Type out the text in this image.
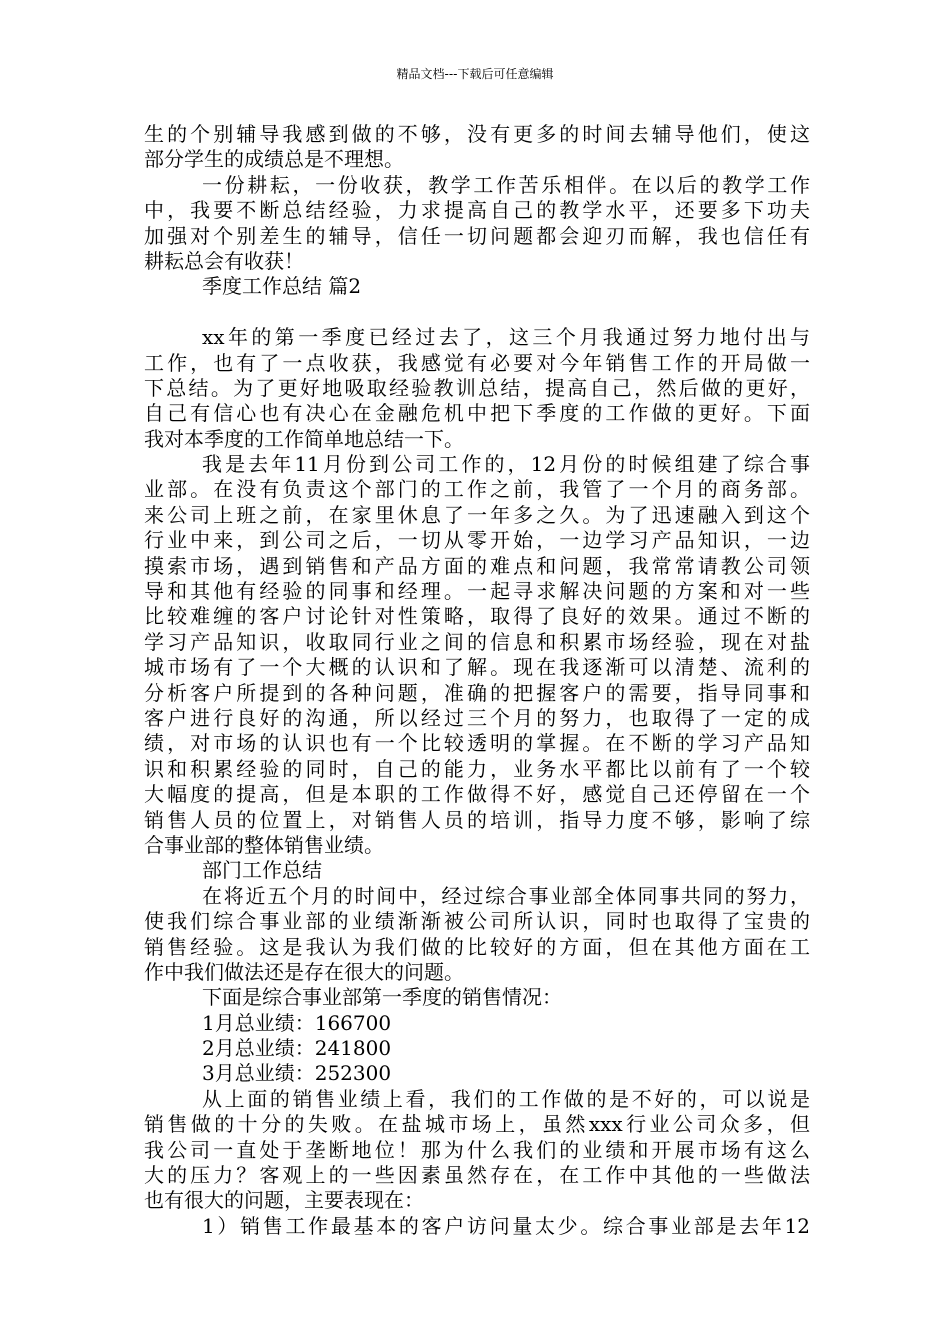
精品文档---下载后可任意编辑
生的个别辅导我感到做的不够，没有更多的时间去辅导他们，使这
部分学生的成绩总是不理想。
一份耕耘，一份收获，教学工作苦乐相伴。在以后的教学工作
中，我要不断总结经验，力求提高自己的教学水平，还要多下功夫
加强对个别差生的辅导，信任一切问题都会迎刃而解，我也信任有
耕耘总会有收获！
季度工作总结 篇2
xx年的第一季度已经过去了，这三个月我通过努力地付出与
工作，也有了一点收获，我感觉有必要对今年销售工作的开局做一
下总结。为了更好地吸取经验教训总结，提高自己，然后做的更好，
自己有信心也有决心在金融危机中把下季度的工作做的更好。下面
我对本季度的工作简单地总结一下。
我是去年11月份到公司工作的，12月份的时候组建了综合事
业部。在没有负责这个部门的工作之前，我管了一个月的商务部。
来公司上班之前，在家里休息了一年多之久。为了迅速融入到这个
行业中来，到公司之后，一切从零开始，一边学习产品知识，一边
摸索市场，遇到销售和产品方面的难点和问题，我常常请教公司领
导和其他有经验的同事和经理。一起寻求解决问题的方案和对一些
比较难缠的客户讨论针对性策略，取得了良好的效果。通过不断的
学习产品知识，收取同行业之间的信息和积累市场经验，现在对盐
城市场有了一个大概的认识和了解。现在我逐渐可以清楚、流利的
分析客户所提到的各种问题，准确的把握客户的需要，指导同事和
客户进行良好的沟通，所以经过三个月的努力，也取得了一定的成
绩，对市场的认识也有一个比较透明的掌握。在不断的学习产品知
识和积累经验的同时，自己的能力，业务水平都比以前有了一个较
大幅度的提高，但是本职的工作做得不好，感觉自己还停留在一个
销售人员的位置上，对销售人员的培训，指导力度不够，影响了综
合事业部的整体销售业绩。
部门工作总结
在将近五个月的时间中，经过综合事业部全体同事共同的努力，
使我们综合事业部的业绩渐渐被公司所认识，同时也取得了宝贵的
销售经验。这是我认为我们做的比较好的方面，但在其他方面在工
作中我们做法还是存在很大的问题。
下面是综合事业部第一季度的销售情况：
1月总业绩：166700
2月总业绩：241800
3月总业绩：252300
从上面的销售业绩上看，我们的工作做的是不好的，可以说是
销售做的十分的失败。在盐城市场上，虽然xxx行业公司众多，但
我公司一直处于垄断地位！那为什么我们的业绩和开展市场有这么
大的压力？客观上的一些因素虽然存在，在工作中其他的一些做法
也有很大的问题，主要表现在：
1）销售工作最基本的客户访问量太少。综合事业部是去年12
